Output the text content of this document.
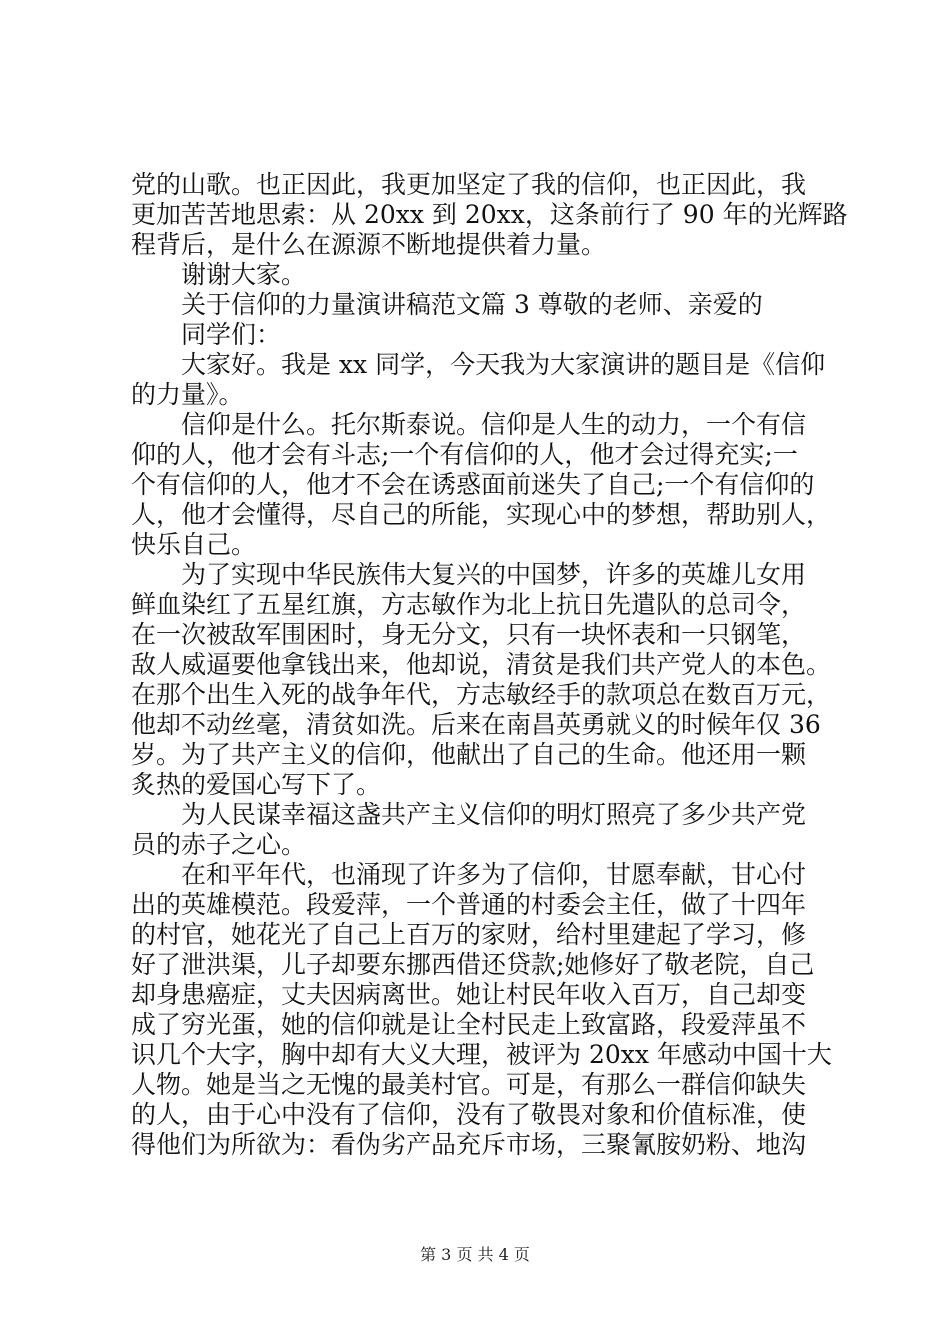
党的山歌。也正因此，我更加坚定了我的信仰，也正因此，我
更加苦苦地思索：从 20xx 到 20xx，这条前行了 90 年的光辉路
程背后，是什么在源源不断地提供着力量。
　　谢谢大家。
　　关于信仰的力量演讲稿范文篇 3 尊敬的老师、亲爱的
　　同学们：
　　大家好。我是 xx 同学，今天我为大家演讲的题目是《信仰
的力量》。
　　信仰是什么。托尔斯泰说。信仰是人生的动力，一个有信
仰的人，他才会有斗志;一个有信仰的人，他才会过得充实;一
个有信仰的人，他才不会在诱惑面前迷失了自己;一个有信仰的
人，他才会懂得，尽自己的所能，实现心中的梦想，帮助别人，
快乐自己。
　　为了实现中华民族伟大复兴的中国梦，许多的英雄儿女用
鲜血染红了五星红旗，方志敏作为北上抗日先遣队的总司令，
在一次被敌军围困时，身无分文，只有一块怀表和一只钢笔，
敌人威逼要他拿钱出来，他却说，清贫是我们共产党人的本色。
在那个出生入死的战争年代，方志敏经手的款项总在数百万元，
他却不动丝毫，清贫如洗。后来在南昌英勇就义的时候年仅 36
岁。为了共产主义的信仰，他献出了自己的生命。他还用一颗
炙热的爱国心写下了。
　　为人民谋幸福这盏共产主义信仰的明灯照亮了多少共产党
员的赤子之心。
　　在和平年代，也涌现了许多为了信仰，甘愿奉献，甘心付
出的英雄模范。段爱萍，一个普通的村委会主任，做了十四年
的村官，她花光了自己上百万的家财，给村里建起了学习，修
好了泄洪渠，儿子却要东挪西借还贷款;她修好了敬老院，自己
却身患癌症，丈夫因病离世。她让村民年收入百万，自己却变
成了穷光蛋，她的信仰就是让全村民走上致富路，段爱萍虽不
识几个大字，胸中却有大义大理，被评为 20xx 年感动中国十大
人物。她是当之无愧的最美村官。可是，有那么一群信仰缺失
的人，由于心中没有了信仰，没有了敬畏对象和价值标准，使
得他们为所欲为：看伪劣产品充斥市场，三聚氰胺奶粉、地沟
第 3 页 共 4 页
